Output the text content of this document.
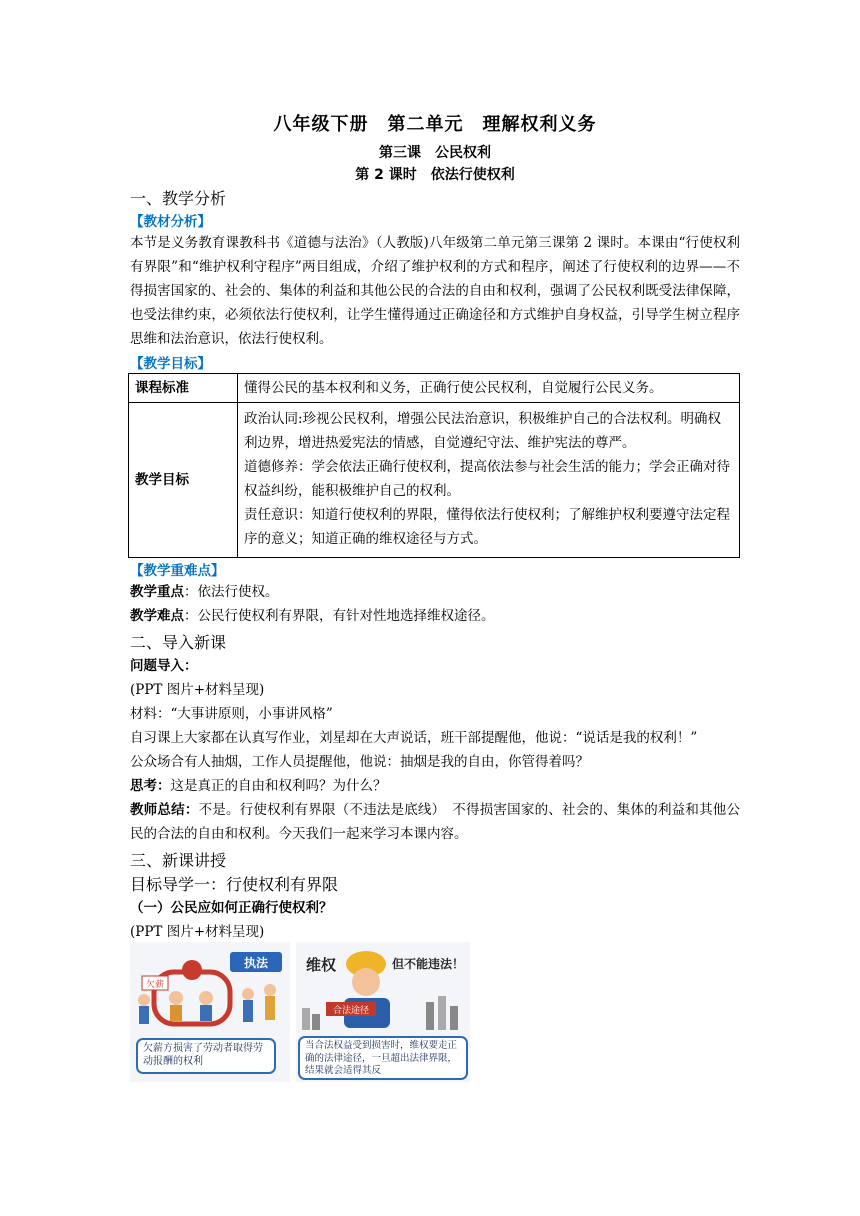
八年级下册　第二单元　理解权利义务
第三课　公民权利
第 2 课时　依法行使权利
一、教学分析
【教材分析】

本节是义务教育课教科书《道德与法治》（人教版)八年级第二单元第三课第 2 课时。本课由“行使权利有界限”和“维护权利守程序”两目组成，介绍了维护权利的方式和程序，阐述了行使权利的边界——不得损害国家的、社会的、集体的利益和其他公民的合法的自由和权利，强调了公民权利既受法律保障，也受法律约束，必须依法行使权利，让学生懂得通过正确途径和方式维护自身权益，引导学生树立程序思维和法治意识，依法行使权利。

【教学目标】
课程标准	懂得公民的基本权利和义务，正确行使公民权利，自觉履行公民义务。
教学目标	政治认同:珍视公民权利，增强公民法治意识，积极维护自己的合法权利。明确权利边界，增进热爱宪法的情感，自觉遵纪守法、维护宪法的尊严。
道德修养：学会依法正确行使权利，提高依法参与社会生活的能力；学会正确对待权益纠纷，能积极维护自己的权利。
责任意识：知道行使权利的界限，懂得依法行使权利；了解维护权利要遵守法定程序的意义；知道正确的维权途径与方式。
【教学重难点】

教学重点：依法行使权。

教学难点：公民行使权利有界限，有针对性地选择维权途径。

二、导入新课

问题导入：

(PPT 图片+材料呈现)

材料：“大事讲原则，小事讲风格”

自习课上大家都在认真写作业，刘星却在大声说话，班干部提醒他，他说：“说话是我的权利！”

公众场合有人抽烟，工作人员提醒他，他说：抽烟是我的自由，你管得着吗？

思考：这是真正的自由和权利吗？为什么？

教师总结：不是。行使权利有界限（不违法是底线）　不得损害国家的、社会的、集体的利益和其他公民的合法的自由和权利。今天我们一起来学习本课内容。

三、新课讲授
目标导学一：行使权利有界限

（一）公民应如何正确行使权利？

(PPT 图片+材料呈现)

执法
欠薪
欠薪方损害了劳动者取得劳动报酬的权利
维权	但不能违法！
合法途径
当合法权益受到损害时，维权要走正确的法律途径，一旦超出法律界限，结果就会适得其反
